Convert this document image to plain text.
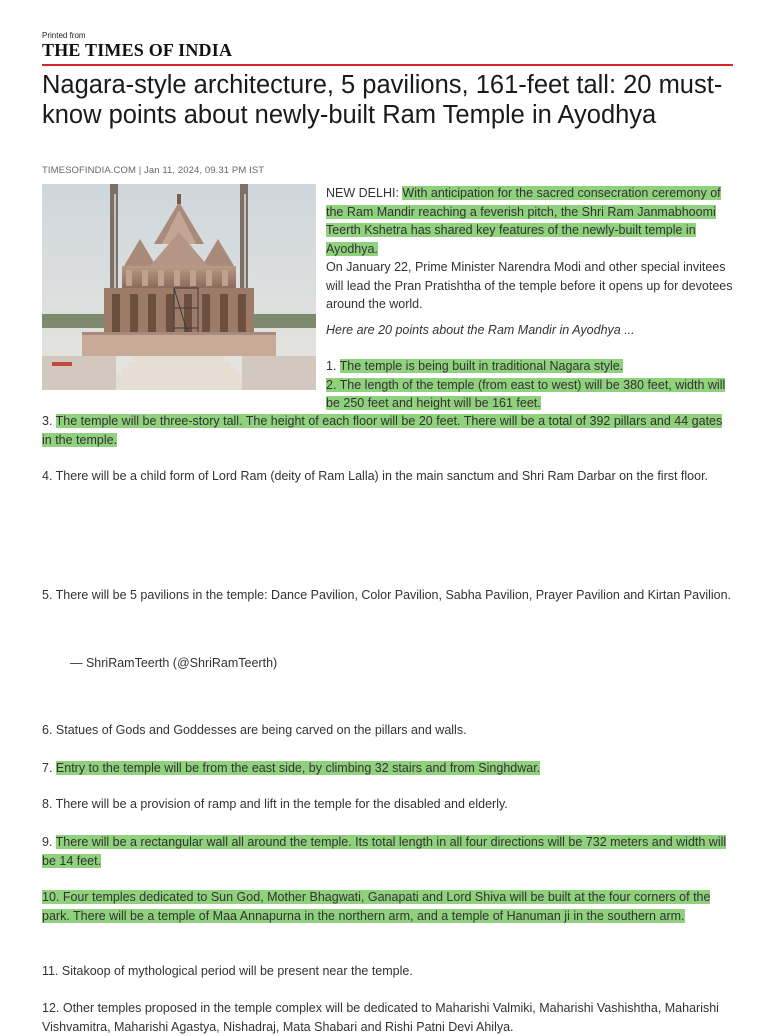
Printed from
THE TIMES OF INDIA
Nagara-style architecture, 5 pavilions, 161-feet tall: 20 must-know points about newly-built Ram Temple in Ayodhya
TIMESOFINDIA.COM | Jan 11, 2024, 09.31 PM IST

NEW DELHI: With anticipation for the sacred consecration ceremony of the Ram Mandir reaching a feverish pitch, the Shri Ram Janmabhoomi Teerth Kshetra has shared key features of the newly-built temple in Ayodhya.

On January 22, Prime Minister Narendra Modi and other special invitees will lead the Pran Pratishtha of the temple before it opens up for devotees around the world.

Here are 20 points about the Ram Mandir in Ayodhya ...

1. The temple is being built in traditional Nagara style.

2. The length of the temple (from east to west) will be 380 feet, width will be 250 feet and height will be 161 feet.

3. The temple will be three-story tall. The height of each floor will be 20 feet. There will be a total of 392 pillars and 44 gates in the temple.
4. There will be a child form of Lord Ram (deity of Ram Lalla) in the main sanctum and Shri Ram Darbar on the first floor.
5. There will be 5 pavilions in the temple: Dance Pavilion, Color Pavilion, Sabha Pavilion, Prayer Pavilion and Kirtan Pavilion.
— ShriRamTeerth (@ShriRamTeerth)
6. Statues of Gods and Goddesses are being carved on the pillars and walls.
7. Entry to the temple will be from the east side, by climbing 32 stairs and from Singhdwar.
8. There will be a provision of ramp and lift in the temple for the disabled and elderly.
9. There will be a rectangular wall all around the temple. Its total length in all four directions will be 732 meters and width will be 14 feet.
10. Four temples dedicated to Sun God, Mother Bhagwati, Ganapati and Lord Shiva will be built at the four corners of the park. There will be a temple of Maa Annapurna in the northern arm, and a temple of Hanuman ji in the southern arm.
11. Sitakoop of mythological period will be present near the temple.
12. Other temples proposed in the temple complex will be dedicated to Maharishi Valmiki, Maharishi Vashishtha, Maharishi Vishvamitra, Maharishi Agastya, Nishadraj, Mata Shabari and Rishi Patni Devi Ahilya.
